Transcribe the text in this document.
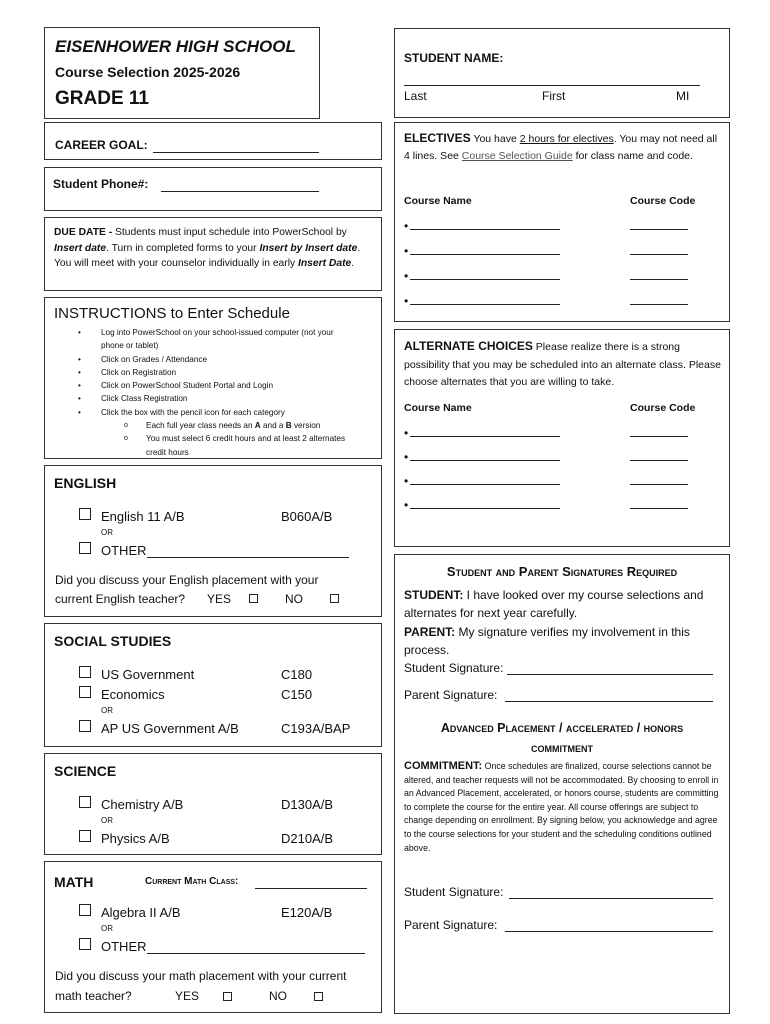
EISENHOWER HIGH SCHOOL
Course Selection 2025-2026
GRADE 11
CAREER GOAL:
Student Phone#:

DUE DATE - Students must input schedule into PowerSchool by Insert date. Turn in completed forms to your Insert by Insert date. You will meet with your counselor individually in early Insert Date.

INSTRUCTIONS to Enter Schedule
• Log into PowerSchool on your school-issued computer (not your
phone or tablet)
• Click on Grades / Attendance
• Click on Registration
• Click on PowerSchool Student Portal and Login
• Click Class Registration
• Click the box with the pencil icon for each category
o Each full year class needs an A and a B version
o You must select 6 credit hours and at least 2 alternates
credit hours
ENGLISH
English 11 A/B	B060A/B
OR
OTHER
Did you discuss your English placement with your
current English teacher? YES	NO
SOCIAL STUDIES
US Government	C180
Economics	C150
OR
AP US Government A/B	C193A/BAP
SCIENCE
Chemistry A/B	D130A/B
OR
Physics A/B	D210A/B
MATH	Current Math Class:
Algebra II A/B	E120A/B
OR
OTHER
Did you discuss your math placement with your current
math teacher?	YES	NO
STUDENT NAME:
Last	First	MI

ELECTIVES You have 2 hours for electives. You may not need all 4 lines. See Course Selection Guide for class name and code.

Course Name	Course Code
•
•
•
•

ALTERNATE CHOICES Please realize there is a strong possibility that you may be scheduled into an alternate class. Please choose alternates that you are willing to take.

Course Name	Course Code
•
•
•
•
Student and Parent Signatures Required

STUDENT: I have looked over my course selections and alternates for next year carefully.

PARENT: My signature verifies my involvement in this process.

Student Signature:
Parent Signature:
Advanced Placement / accelerated / honors
commitment

COMMITMENT: Once schedules are finalized, course selections cannot be altered, and teacher requests will not be accommodated. By choosing to enroll in an Advanced Placement, accelerated, or honors course, students are committing to complete the course for the entire year. All course offerings are subject to change depending on enrollment. By signing below, you acknowledge and agree to the course selections for your student and the scheduling conditions outlined above.

Student Signature:
Parent Signature:
